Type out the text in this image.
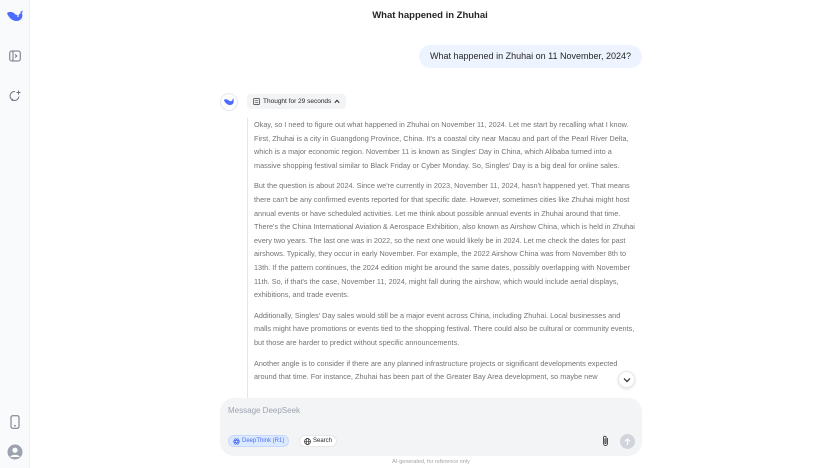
What happened in Zhuhai
What happened in Zhuhai on 11 November, 2024?
Thought for 29 seconds

Okay, so I need to figure out what happened in Zhuhai on November 11, 2024. Let me start by recalling what I know. First, Zhuhai is a city in Guangdong Province, China. It's a coastal city near Macau and part of the Pearl River Delta, which is a major economic region. November 11 is known as Singles' Day in China, which Alibaba turned into a massive shopping festival similar to Black Friday or Cyber Monday. So, Singles' Day is a big deal for online sales.

But the question is about 2024. Since we're currently in 2023, November 11, 2024, hasn't happened yet. That means there can't be any confirmed events reported for that specific date. However, sometimes cities like Zhuhai might host annual events or have scheduled activities. Let me think about possible annual events in Zhuhai around that time. There's the China International Aviation & Aerospace Exhibition, also known as Airshow China, which is held in Zhuhai every two years. The last one was in 2022, so the next one would likely be in 2024. Let me check the dates for past airshows. Typically, they occur in early November. For example, the 2022 Airshow China was from November 8th to 13th. If the pattern continues, the 2024 edition might be around the same dates, possibly overlapping with November 11th. So, if that's the case, November 11, 2024, might fall during the airshow, which would include aerial displays, exhibitions, and trade events.

Additionally, Singles' Day sales would still be a major event across China, including Zhuhai. Local businesses and malls might have promotions or events tied to the shopping festival. There could also be cultural or community events, but those are harder to predict without specific announcements.

Another angle is to consider if there are any planned infrastructure projects or significant developments expected around that time. For instance, Zhuhai has been part of the Greater Bay Area development, so maybe new

Message DeepSeek
DeepThink (R1)	Search
AI-generated, for reference only
